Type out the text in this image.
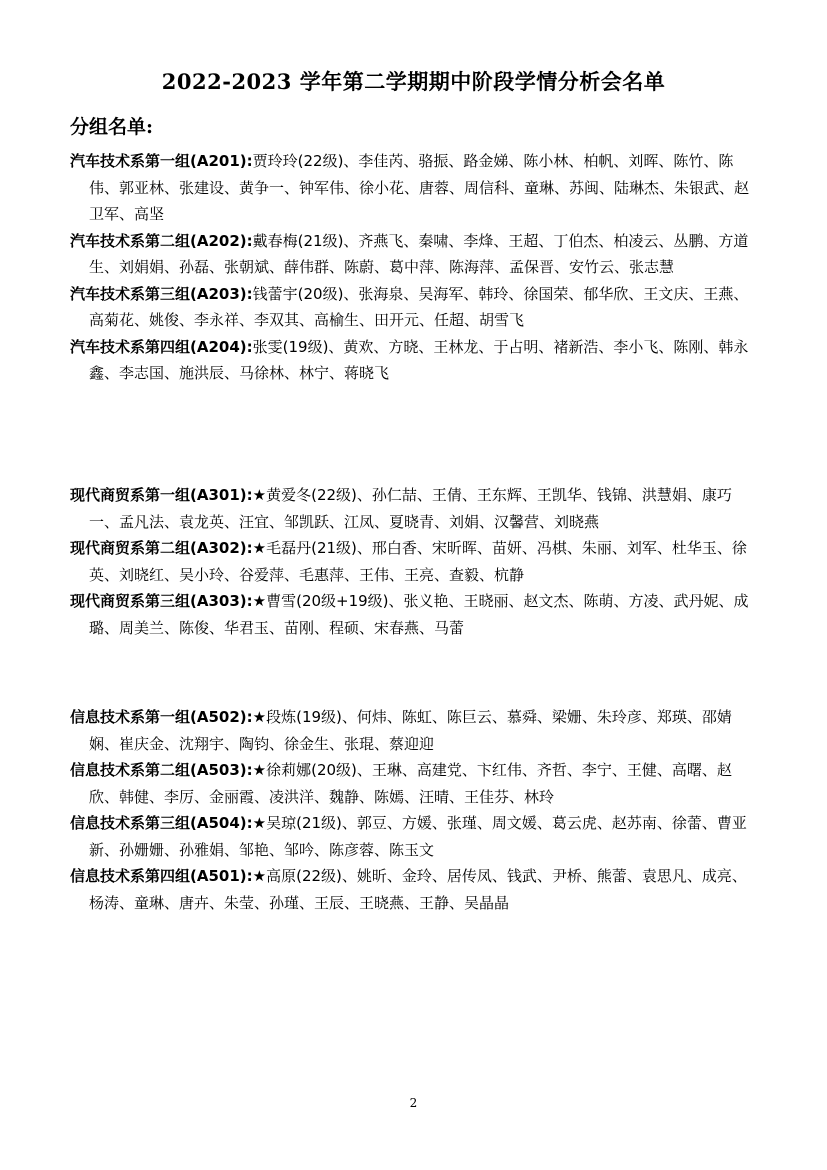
2022-2023 学年第二学期期中阶段学情分析会名单
分组名单:
汽车技术系第一组(A201):贾玲玲(22级)、李佳芮、骆振、路金娣、陈小林、柏帆、刘晖、陈竹、陈伟、郭亚林、张建设、黄争一、钟军伟、徐小花、唐蓉、周信科、童琳、苏闽、陆琳杰、朱银武、赵卫军、高坚
汽车技术系第二组(A202):戴春梅(21级)、齐燕飞、秦啸、李烽、王超、丁伯杰、柏凌云、丛鹏、方道生、刘娟娟、孙磊、张朝斌、薛伟群、陈蔚、葛中萍、陈海萍、孟保晋、安竹云、张志慧
汽车技术系第三组(A203):钱蕾宇(20级)、张海泉、吴海军、韩玲、徐国荣、郁华欣、王文庆、王燕、高菊花、姚俊、李永祥、李双其、高榆生、田开元、任超、胡雪飞
汽车技术系第四组(A204):张雯(19级)、黄欢、方晓、王林龙、于占明、褚新浩、李小飞、陈刚、韩永鑫、李志国、施洪辰、马徐林、林宁、蒋晓飞
现代商贸系第一组(A301):★黄爱冬(22级)、孙仁喆、王倩、王东辉、王凯华、钱锦、洪慧娟、康巧一、孟凡法、袁龙英、汪宜、邹凯跃、江凤、夏晓青、刘娟、汉馨营、刘晓燕
现代商贸系第二组(A302):★毛磊丹(21级)、邢白香、宋昕晖、苗妍、冯棋、朱丽、刘军、杜华玉、徐英、刘晓红、吴小玲、谷爱萍、毛惠萍、王伟、王亮、查毅、杭静
现代商贸系第三组(A303):★曹雪(20级+19级)、张义艳、王晓丽、赵文杰、陈萌、方凌、武丹妮、成璐、周美兰、陈俊、华君玉、苗刚、程硕、宋春燕、马蕾
信息技术系第一组(A502):★段炼(19级)、何炜、陈虹、陈巨云、慕舜、梁姗、朱玲彦、郑瑛、邵婧娴、崔庆金、沈翔宇、陶钧、徐金生、张琨、蔡迎迎
信息技术系第二组(A503):★徐莉娜(20级)、王琳、高建党、卞红伟、齐哲、李宁、王健、高曙、赵欣、韩健、李厉、金丽霞、凌洪洋、魏静、陈嫣、汪晴、王佳芬、林玲
信息技术系第三组(A504):★吴琼(21级)、郭豆、方媛、张瑾、周文媛、葛云虎、赵苏南、徐蕾、曹亚新、孙姗姗、孙雅娟、邹艳、邹吟、陈彦蓉、陈玉文
信息技术系第四组(A501):★高原(22级)、姚昕、金玲、居传凤、钱武、尹桥、熊蕾、袁思凡、成亮、杨涛、童琳、唐卉、朱莹、孙瑾、王辰、王晓燕、王静、吴晶晶
2
